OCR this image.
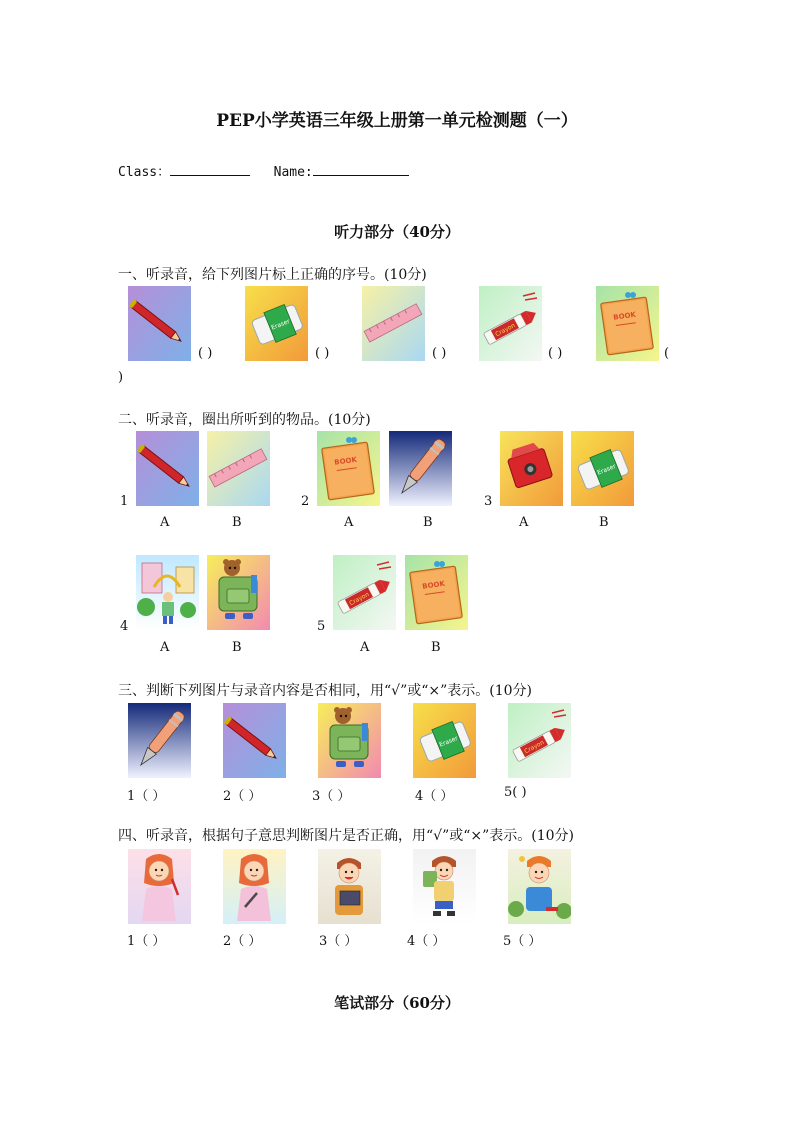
PEP小学英语三年级上册第一单元检测题（一）
Class：	Name:
听力部分（40分）
一、听录音，给下列图片标上正确的序号。(10分)
( )
Eraser
( )	( )
Crayon
( )
BOOK
(
)
二、听录音，圈出所听到的物品。(10分)
1
A	B
2
BOOK
A	B
3
Eraser
A	B
4
A	B
5
Crayon
BOOK
A	B
三、判断下列图片与录音内容是否相同，用“√”或“×”表示。(10分)
Eraser	Crayon
1（ ）	2（ ）	3（ ）	4（ ）	5( )
四、听录音，根据句子意思判断图片是否正确，用“√”或“×”表示。(10分)
1（ ）	2（ ）	3（ ）	4（ ）	5（ ）
笔试部分（60分）
